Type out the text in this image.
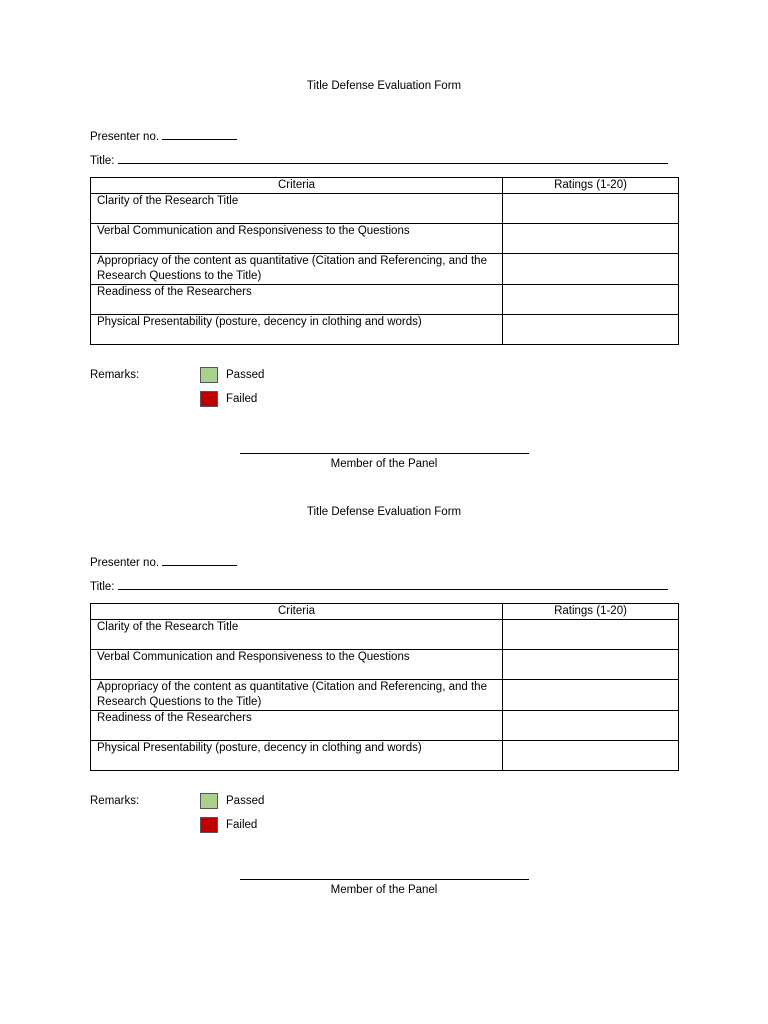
Title Defense Evaluation Form
Presenter no.
Title:
Criteria	Ratings (1-20)
Clarity of the Research Title	
Verbal Communication and Responsiveness to the Questions	
Appropriacy of the content as quantitative (Citation and Referencing, and the Research Questions to the Title)	
Readiness of the Researchers	
Physical Presentability (posture, decency in clothing and words)	
Remarks:	Passed
Failed
Member of the Panel
Title Defense Evaluation Form
Presenter no.
Title:
Criteria	Ratings (1-20)
Clarity of the Research Title	
Verbal Communication and Responsiveness to the Questions	
Appropriacy of the content as quantitative (Citation and Referencing, and the Research Questions to the Title)	
Readiness of the Researchers	
Physical Presentability (posture, decency in clothing and words)	
Remarks:	Passed
Failed
Member of the Panel
